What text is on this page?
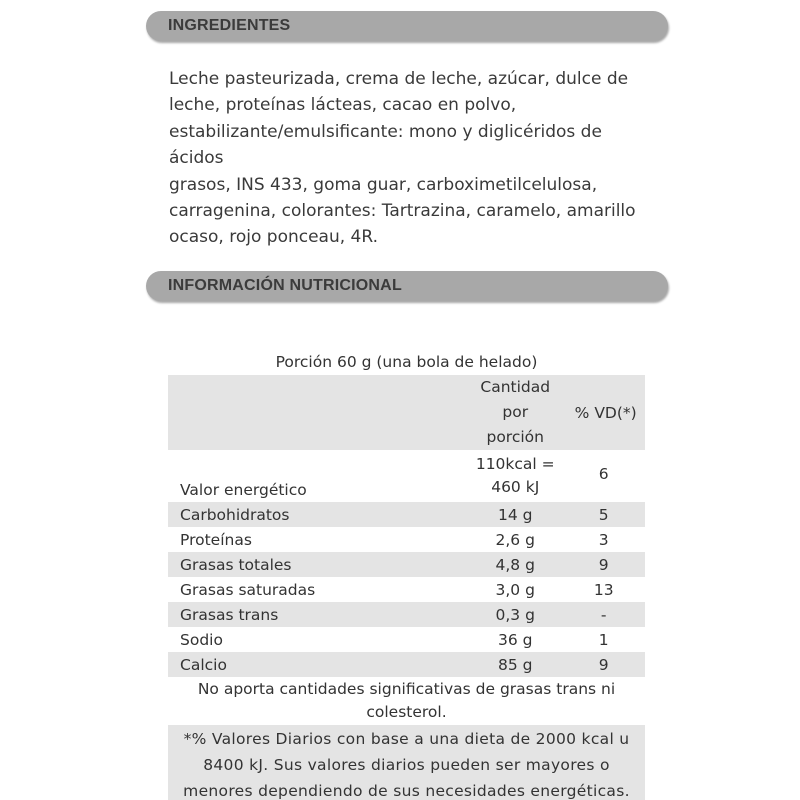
INGREDIENTES
Leche pasteurizada, crema de leche, azúcar, dulce de
leche, proteínas lácteas, cacao en polvo,
estabilizante/emulsificante: mono y diglicéridos de ácidos
grasos, INS 433, goma guar, carboximetilcelulosa,
carragenina, colorantes: Tartrazina, caramelo, amarillo
ocaso, rojo ponceau, 4R.
INFORMACIÓN NUTRICIONAL
Porción 60 g (una bola de helado)		

	Cantidad
por
porción	% VD(*)
Valor energético	110kcal =
460 kJ	6
Carbohidratos	14 g	5
Proteínas	2,6 g	3
Grasas totales	4,8 g	9
Grasas saturadas	3,0 g	13
Grasas trans	0,3 g	-
Sodio	36 g	1
Calcio	85 g	9

No aporta cantidades significativas de grasas trans ni
colesterol.		

*% Valores Diarios con base a una dieta de 2000 kcal u
8400 kJ. Sus valores diarios pueden ser mayores o
menores dependiendo de sus necesidades energéticas.		
